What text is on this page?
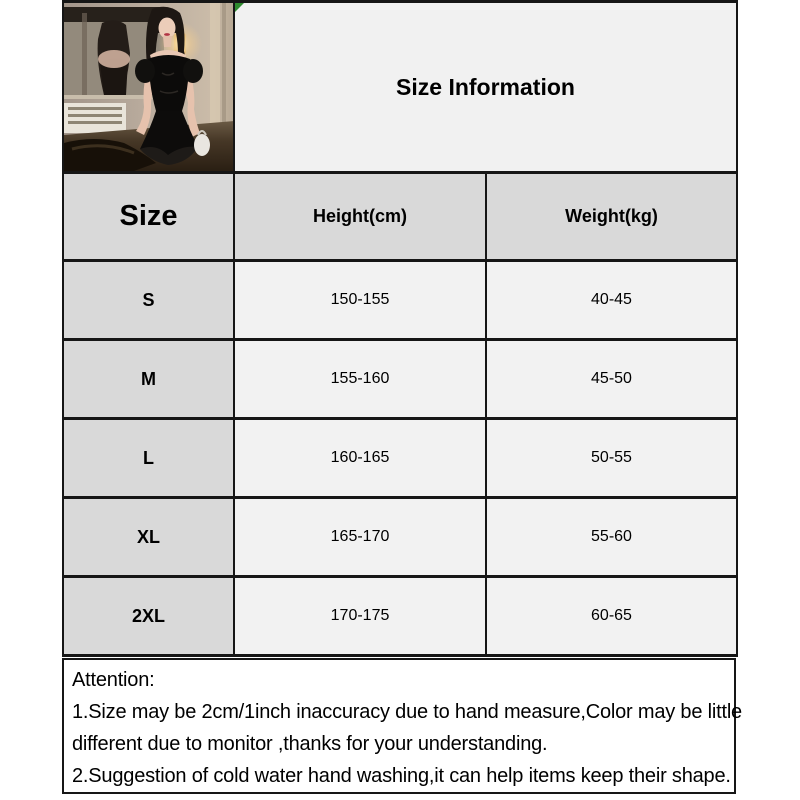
Size Information	
Size	Height(cm)	Weight(kg)
S	150-155	40-45
M	155-160	45-50
L	160-165	50-55
XL	165-170	55-60
2XL	170-175	60-65
Attention:
1.Size may be 2cm/1inch inaccuracy due to hand measure,Color may be little
different due to monitor ,thanks for your understanding.
2.Suggestion of cold water hand washing,it can help items keep their shape.
